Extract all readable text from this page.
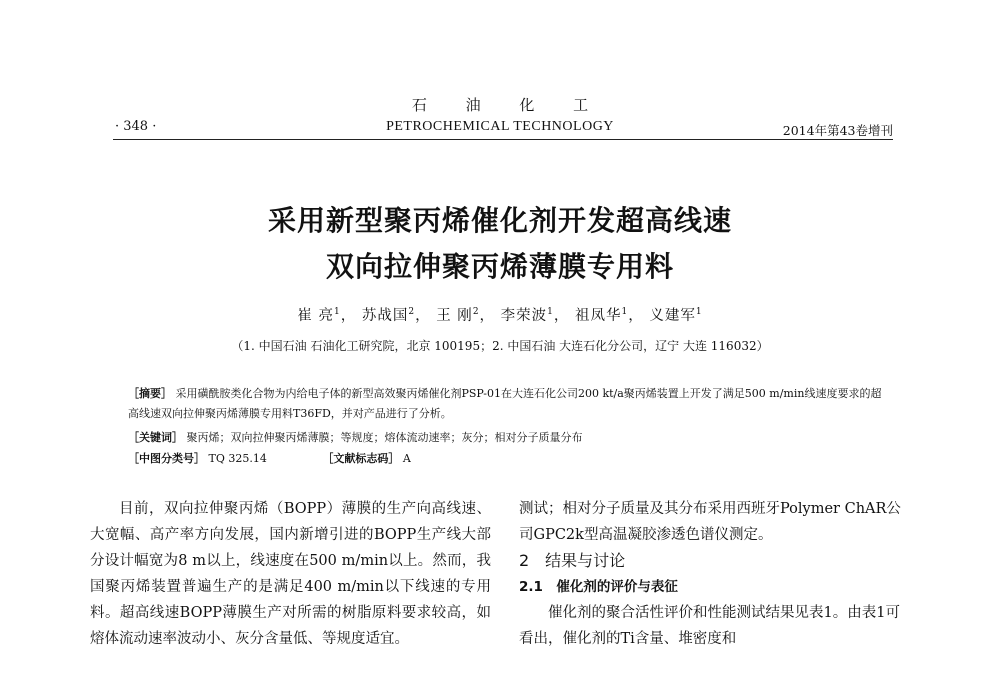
石 油 化 工
· 348 ·	PETROCHEMICAL TECHNOLOGY	2014年第43卷增刊
采用新型聚丙烯催化剂开发超高线速
双向拉伸聚丙烯薄膜专用料
崔 亮$^1$， 苏战国$^2$， 王 刚$^2$， 李荣波$^1$， 祖凤华$^1$， 义建军$^1$
（1. 中国石油 石油化工研究院，北京 100195；2. 中国石油 大连石化分公司，辽宁 大连 116032）
［摘要］ 采用磺酰胺类化合物为内给电子体的新型高效聚丙烯催化剂PSP-01在大连石化公司200 kt/a聚丙烯装置上开发了满足500 m/min线速度要求的超高线速双向拉伸聚丙烯薄膜专用料T36FD，并对产品进行了分析。
［关键词］ 聚丙烯；双向拉伸聚丙烯薄膜；等规度；熔体流动速率；灰分；相对分子质量分布
［中图分类号］ TQ 325.14	［文献标志码］ A

目前，双向拉伸聚丙烯（BOPP）薄膜的生产向高线速、大宽幅、高产率方向发展，国内新增引进的BOPP生产线大部分设计幅宽为8 m以上，线速度在500 m/min以上。然而，我国聚丙烯装置普遍生产的是满足400 m/min以下线速的专用料。超高线速BOPP薄膜生产对所需的树脂原料要求较高，如熔体流动速率波动小、灰分含量低、等规度适宜。

测试；相对分子质量及其分布采用西班牙Polymer ChAR公司GPC2k型高温凝胶渗透色谱仪测定。

2　结果与讨论

2.1　催化剂的评价与表征

催化剂的聚合活性评价和性能测试结果见表1。由表1可看出，催化剂的Ti含量、堆密度和
